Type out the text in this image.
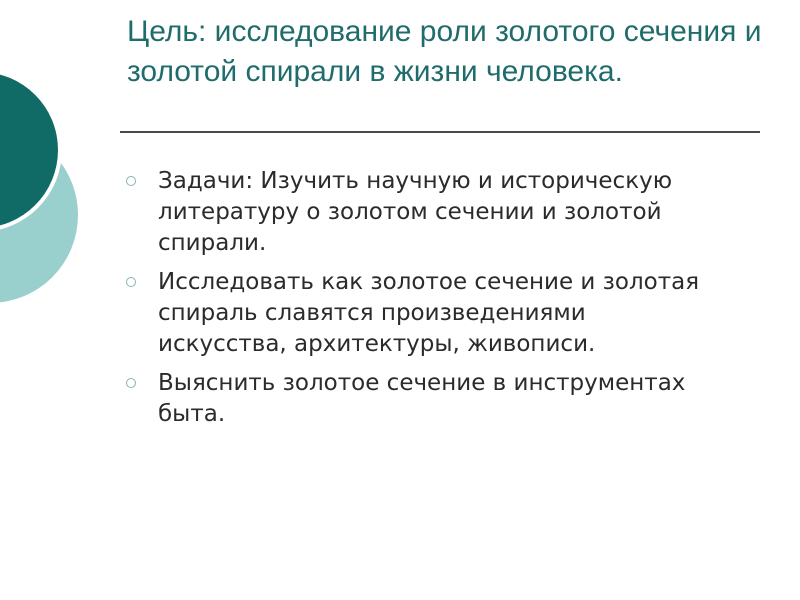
Цель: исследование роли золотого сечения и золотой спирали в жизни человека.
Задачи: Изучить научную и историческую литературу о золотом сечении и золотой спирали.
Исследовать как золотое сечение и золотая спираль славятся произведениями искусства, архитектуры, живописи.
Выяснить золотое сечение в инструментах быта.
